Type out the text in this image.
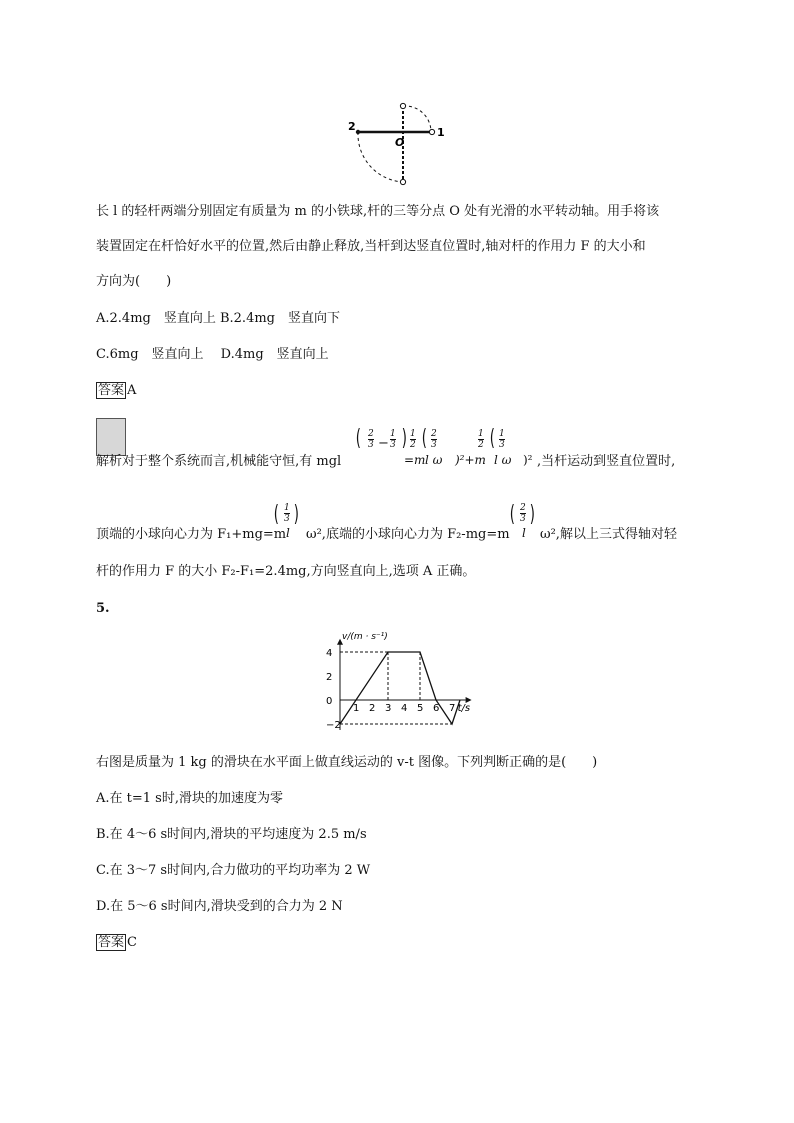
2	1
O
长 l 的轻杆两端分别固定有质量为 m 的小铁球,杆的三等分点 O 处有光滑的水平转动轴。用手将该
装置固定在杆恰好水平的位置,然后由静止释放,当杆到达竖直位置时,轴对杆的作用力 F 的大小和
方向为(　　)
A.2.4mg　竖直向上 B.2.4mg　竖直向下
C.6mg　竖直向上　 D.4mg　竖直向上
答案 A
解析对于整个系统而言,机械能守恒,有 mgl
( $\frac{2}{3} - \frac{1}{3}$ )
=m
$\frac{1}{2}$ ( $\frac{2}{3}$
l ω )²+m
$\frac{1}{2}$ ( $\frac{1}{3}$
l ω )² ,当杆运动到竖直位置时,
顶端的小球向心力为 F₁+mg=m
( $\frac{1}{3}$
l
)
ω²,底端的小球向心力为 F₂-mg=m
( $\frac{2}{3}$
l
)
ω²,解以上三式得轴对轻
杆的作用力 F 的大小 F₂-F₁=2.4mg,方向竖直向上,选项 A 正确。
5.
1 2 3 4 5 6 7
4
2
0
−2
v/(m · s⁻¹)
t/s
右图是质量为 1 kg 的滑块在水平面上做直线运动的 v-t 图像。下列判断正确的是(　　)
A.在 t=1 s时,滑块的加速度为零
B.在 4～6 s时间内,滑块的平均速度为 2.5 m/s
C.在 3～7 s时间内,合力做功的平均功率为 2 W
D.在 5～6 s时间内,滑块受到的合力为 2 N
答案 C
